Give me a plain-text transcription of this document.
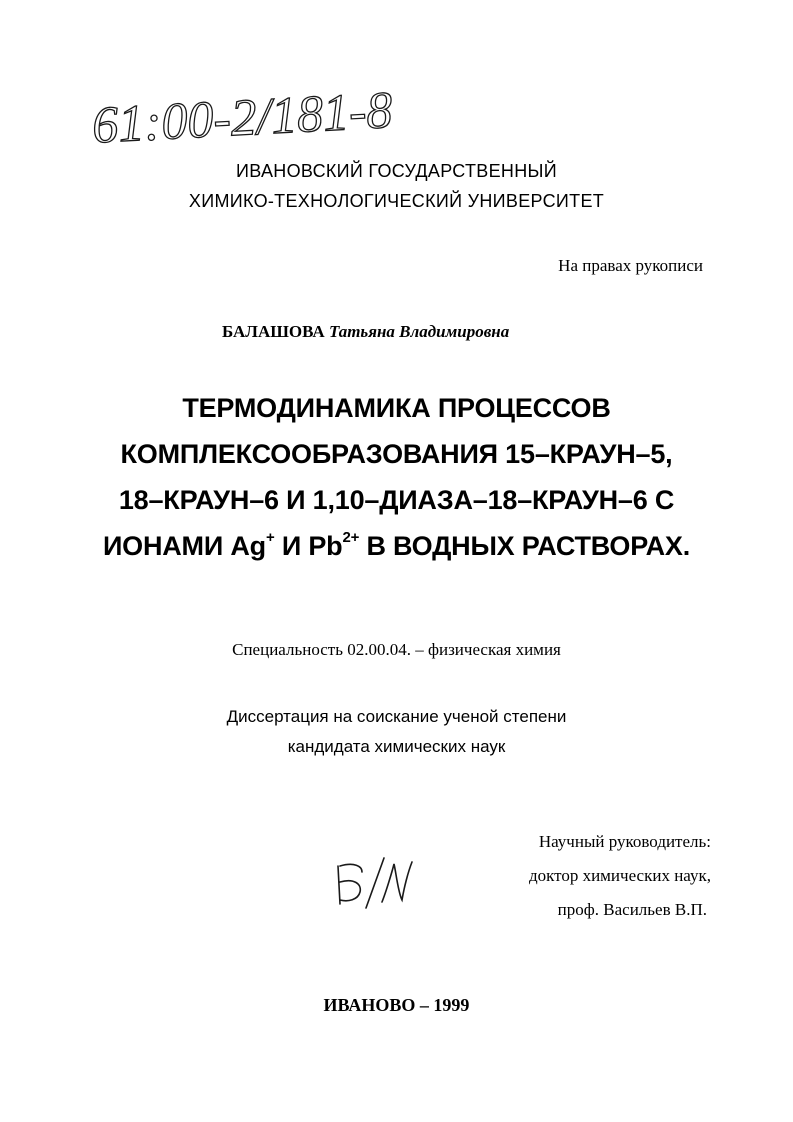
61:00-2/181-8
ИВАНОВСКИЙ ГОСУДАРСТВЕННЫЙ
ХИМИКО-ТЕХНОЛОГИЧЕСКИЙ УНИВЕРСИТЕТ
На правах рукописи
БАЛАШОВА Татьяна Владимировна
ТЕРМОДИНАМИКА ПРОЦЕССОВ
КОМПЛЕКСООБРАЗОВАНИЯ 15–КРАУН–5,
18–КРАУН–6 И 1,10–ДИАЗА–18–КРАУН–6 С
ИОНАМИ Ag+ И $Pb^{2+}$ В ВОДНЫХ РАСТВОРАХ.
Специальность 02.00.04. – физическая химия
Диссертация на соискание ученой степени
кандидата химических наук
Научный руководитель:
доктор химических наук,
проф. Васильев В.П.
ИВАНОВО – 1999
